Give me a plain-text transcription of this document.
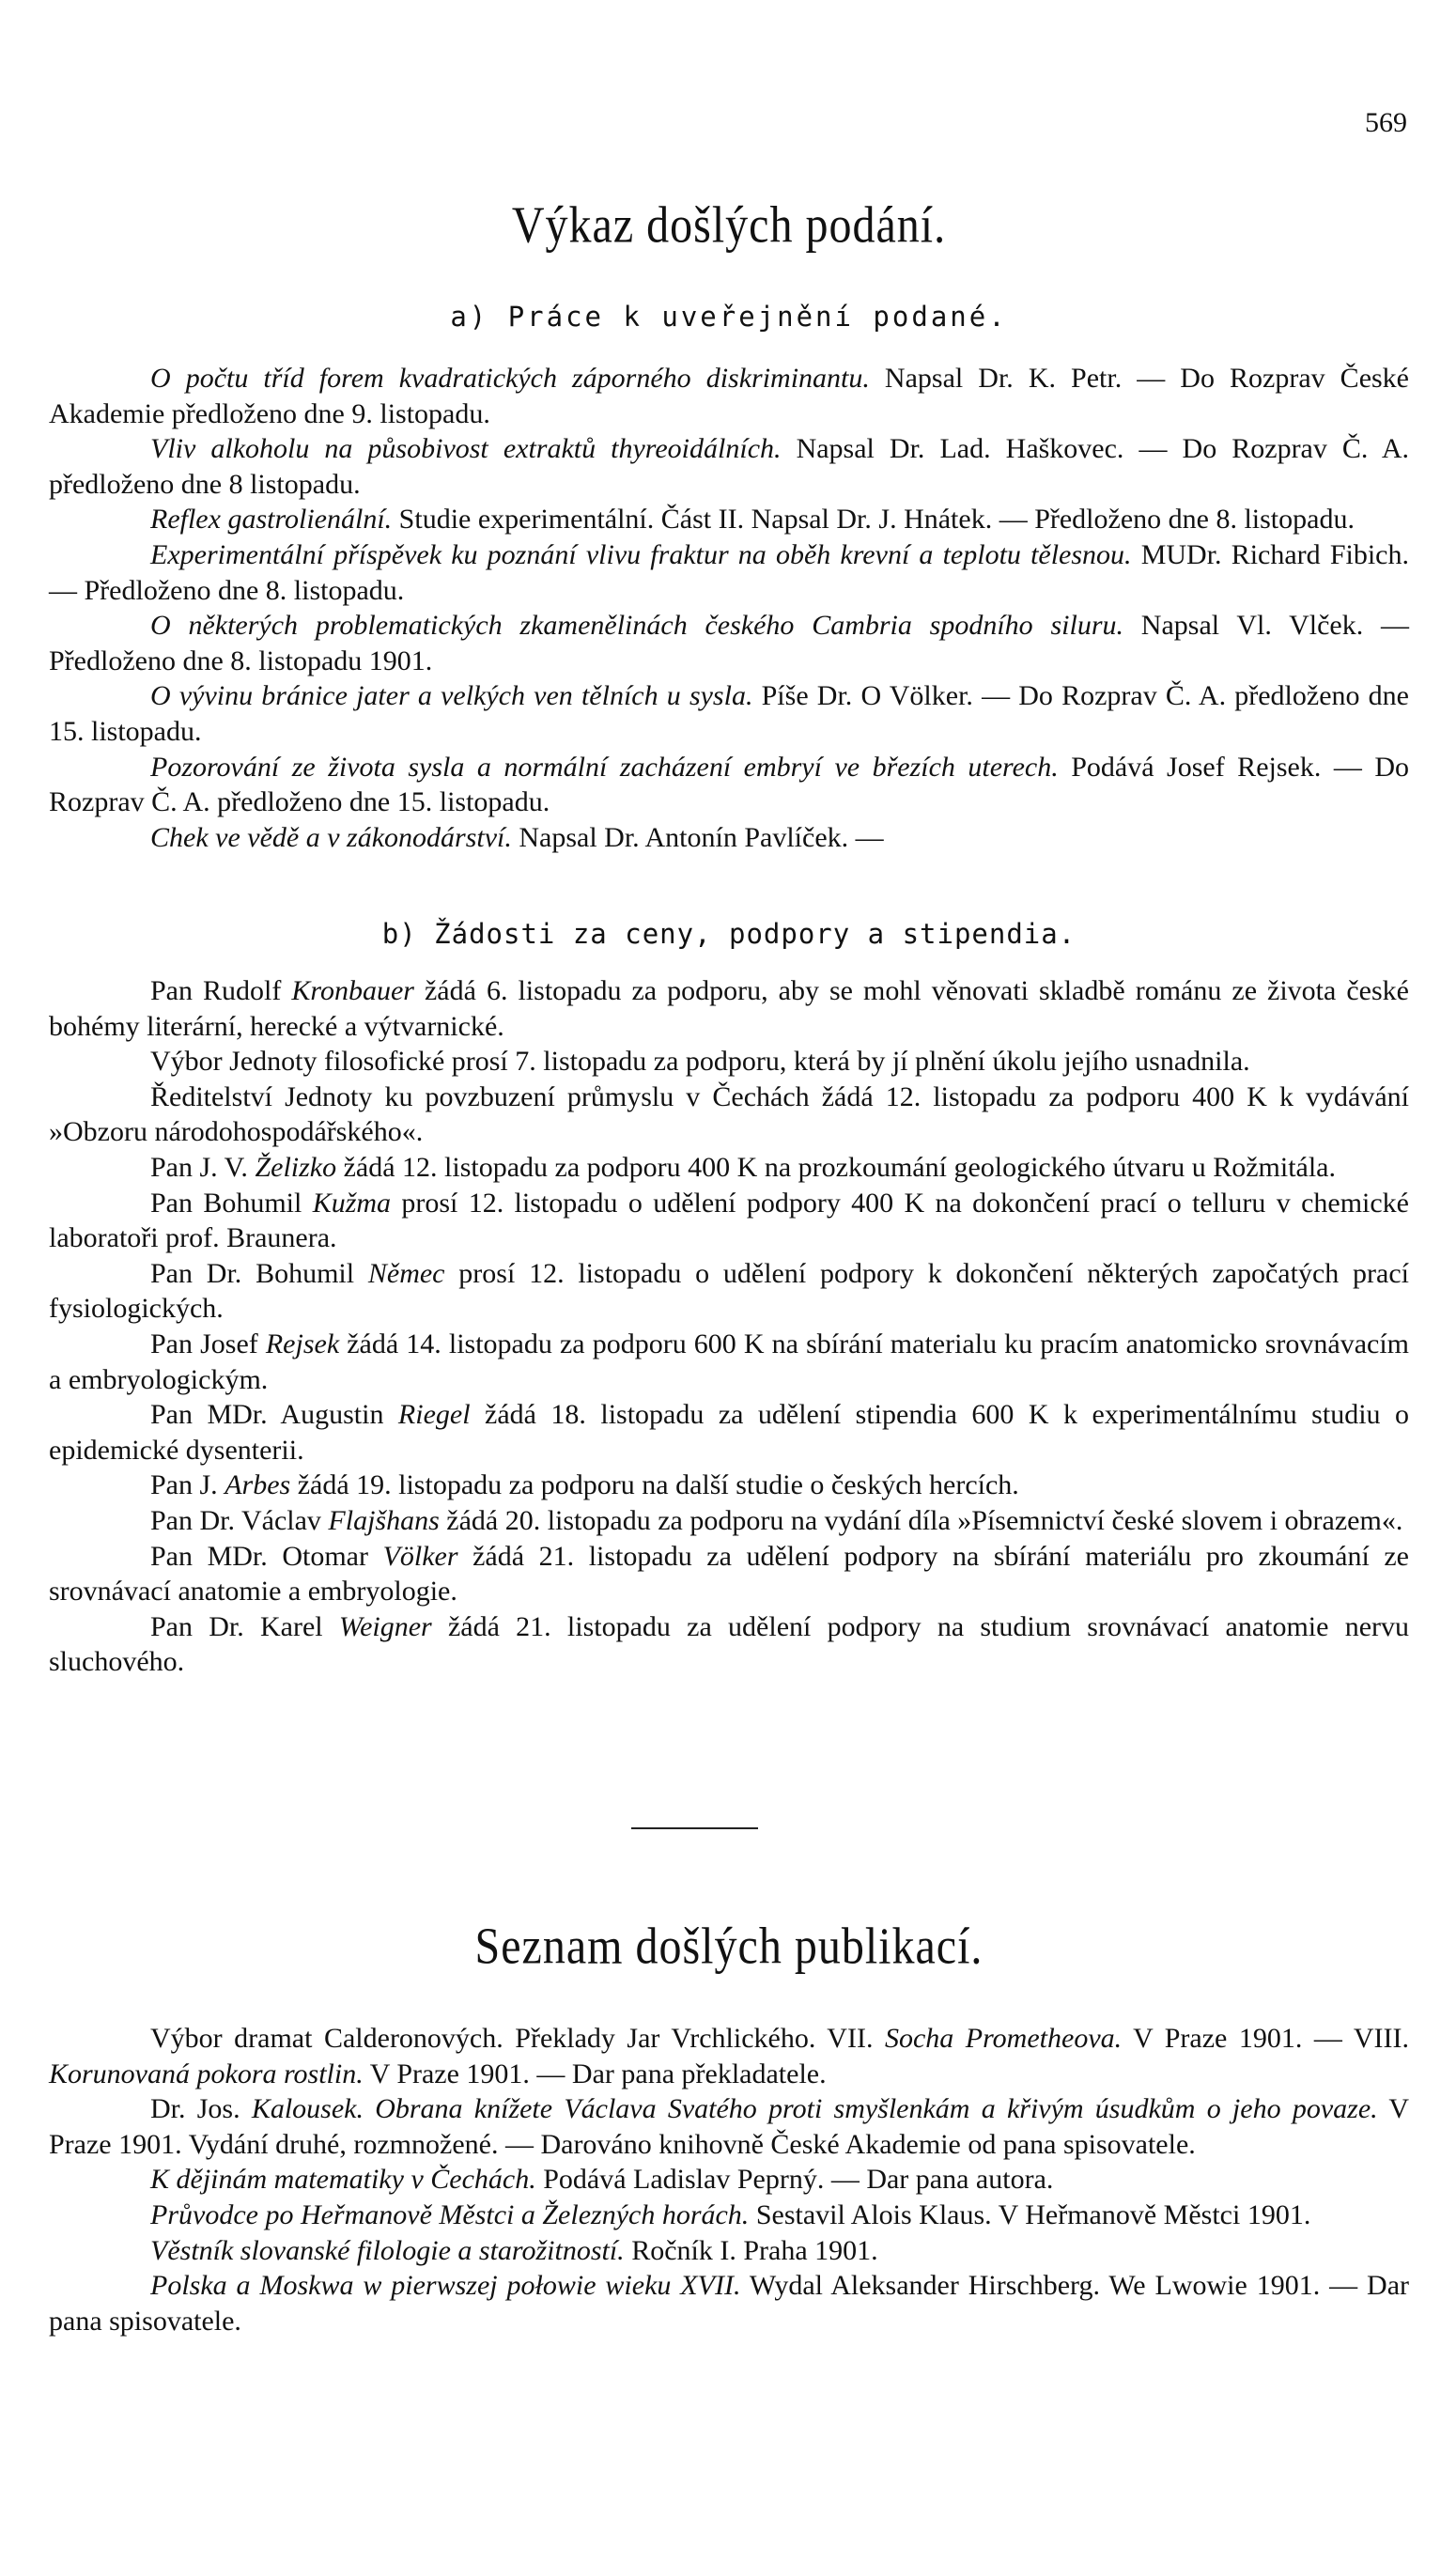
569
Výkaz došlých podání.
a) Práce k uveřejnění podané.

O počtu tříd forem kvadratických záporného diskriminantu. Napsal Dr. K. Petr. — Do Rozprav České Akademie předloženo dne 9. listopadu.

Vliv alkoholu na působivost extraktů thyreoidálních. Napsal Dr. Lad. Haškovec. — Do Rozprav Č. A. předloženo dne 8 listopadu.

Reflex gastrolienální. Studie experimentální. Část II. Napsal Dr. J. Hnátek. — Předloženo dne 8. listopadu.

Experimentální příspěvek ku poznání vlivu fraktur na oběh krevní a teplotu tělesnou. MUDr. Richard Fibich. — Předloženo dne 8. listopadu.

O některých problematických zkamenělinách českého Cambria spodního siluru. Napsal Vl. Vlček. — Předloženo dne 8. listopadu 1901.

O vývinu bránice jater a velkých ven tělních u sysla. Píše Dr. O Völker. — Do Rozprav Č. A. předloženo dne 15. listopadu.

Pozorování ze života sysla a normální zacházení embryí ve březích uterech. Podává Josef Rejsek. — Do Rozprav Č. A. předloženo dne 15. listopadu.

Chek ve vědě a v zákonodárství. Napsal Dr. Antonín Pavlíček. —

b) Žádosti za ceny, podpory a stipendia.

Pan Rudolf Kronbauer žádá 6. listopadu za podporu, aby se mohl věnovati skladbě románu ze života české bohémy literární, herecké a výtvarnické.

Výbor Jednoty filosofické prosí 7. listopadu za podporu, která by jí plnění úkolu jejího usnadnila.

Ředitelství Jednoty ku povzbuzení průmyslu v Čechách žádá 12. listopadu za podporu 400 K k vydávání »Obzoru národohospodářského«.

Pan J. V. Želizko žádá 12. listopadu za podporu 400 K na prozkoumání geologického útvaru u Rožmitála.

Pan Bohumil Kužma prosí 12. listopadu o udělení podpory 400 K na dokončení prací o telluru v chemické laboratoři prof. Braunera.

Pan Dr. Bohumil Němec prosí 12. listopadu o udělení podpory k dokončení některých započatých prací fysiologických.

Pan Josef Rejsek žádá 14. listopadu za podporu 600 K na sbírání materialu ku pracím anatomicko srovnávacím a embryologickým.

Pan MDr. Augustin Riegel žádá 18. listopadu za udělení stipendia 600 K k experimentálnímu studiu o epidemické dysenterii.

Pan J. Arbes žádá 19. listopadu za podporu na další studie o českých hercích.

Pan Dr. Václav Flajšhans žádá 20. listopadu za podporu na vydání díla »Písemnictví české slovem i obrazem«.

Pan MDr. Otomar Völker žádá 21. listopadu za udělení podpory na sbírání materiálu pro zkoumání ze srovnávací anatomie a embryologie.

Pan Dr. Karel Weigner žádá 21. listopadu za udělení podpory na studium srovnávací anatomie nervu sluchového.

Seznam došlých publikací.

Výbor dramat Calderonových. Překlady Jar Vrchlického. VII. Socha Prometheova. V Praze 1901. — VIII. Korunovaná pokora rostlin. V Praze 1901. — Dar pana překladatele.

Dr. Jos. Kalousek. Obrana knížete Václava Svatého proti smyšlenkám a křivým úsudkům o jeho povaze. V Praze 1901. Vydání druhé, rozmnožené. — Darováno knihovně České Akademie od pana spisovatele.

K dějinám matematiky v Čechách. Podává Ladislav Peprný. — Dar pana autora.

Průvodce po Heřmanově Městci a Železných horách. Sestavil Alois Klaus. V Heřmanově Městci 1901.

Věstník slovanské filologie a starožitností. Ročník I. Praha 1901.

Polska a Moskwa w pierwszej połowie wieku XVII. Wydal Aleksander Hirschberg. We Lwowie 1901. — Dar pana spisovatele.
